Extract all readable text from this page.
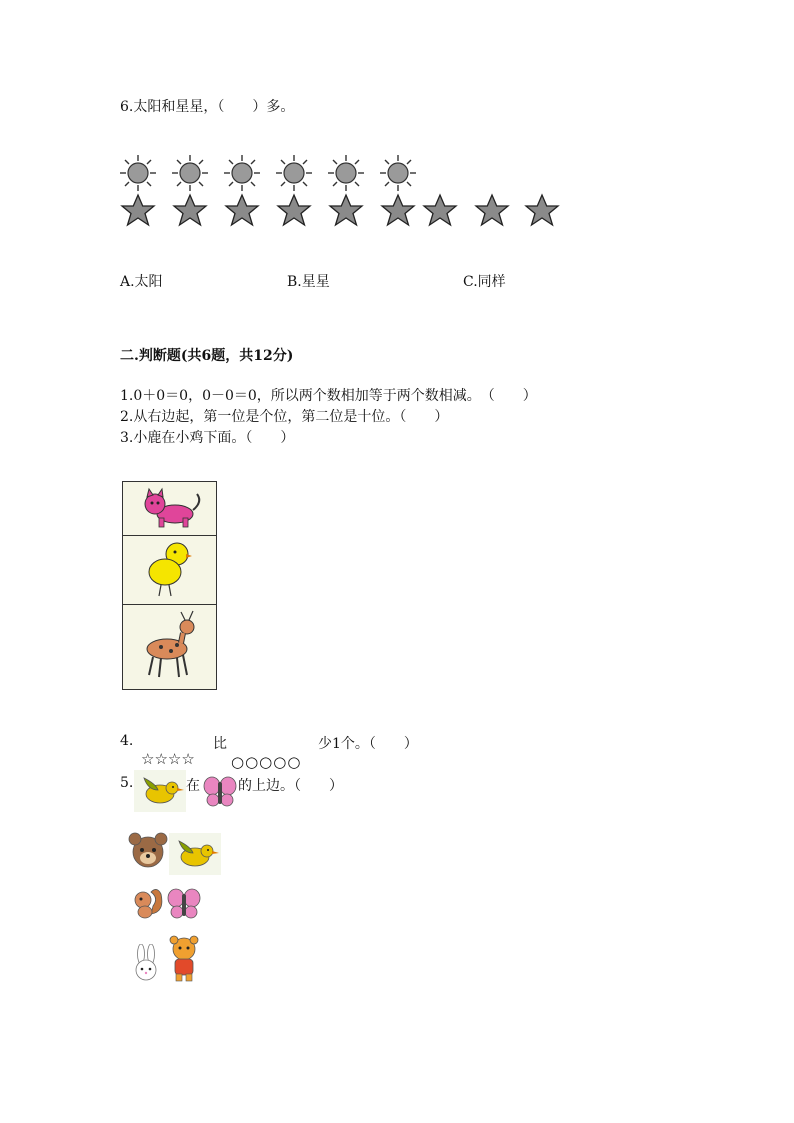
6.太阳和星星，（　　）多。
A.太阳	B.星星	C.同样
二.判断题(共6题，共12分)
1.0＋0＝0，0－0＝0，所以两个数相加等于两个数相减。　（　　）
2.从右边起，第一位是个位，第二位是十位。（　　）
3.小鹿在小鸡下面。（　　）
4.	比	少1个。（　　）
☆☆☆☆ ○○○○○
5.	在	的上边。（　　）
